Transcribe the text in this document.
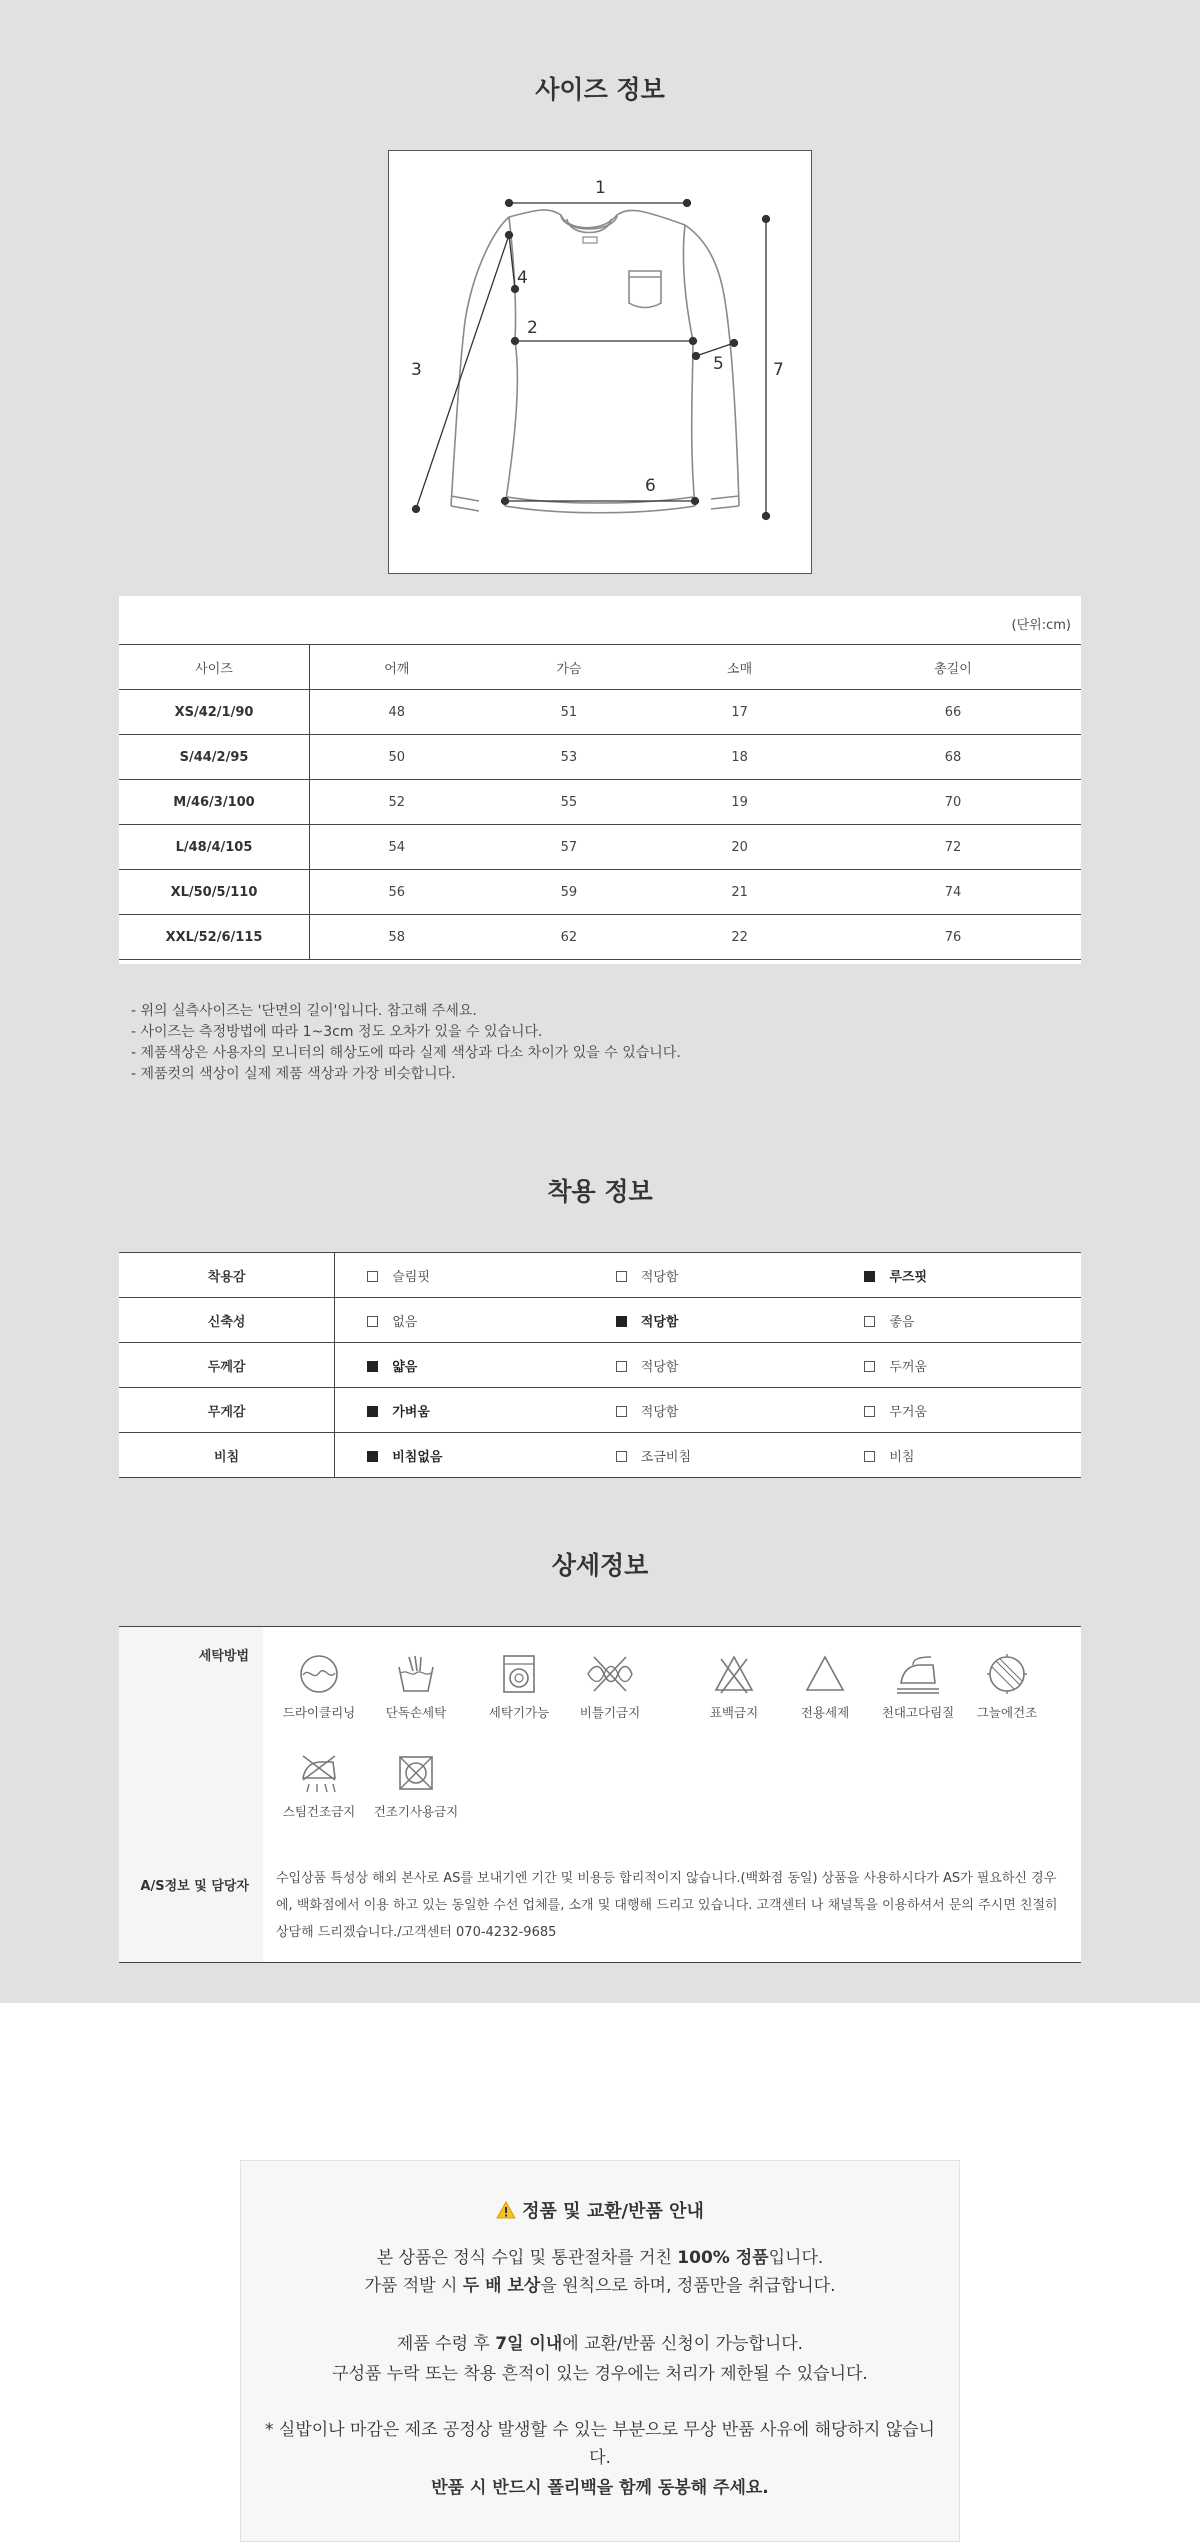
사이즈 정보
1
2
3
4
5
6
7
(단위:cm)
사이즈	어깨	가슴	소매	총길이
XS/42/1/90	48	51	17	66
S/44/2/95	50	53	18	68
M/46/3/100	52	55	19	70
L/48/4/105	54	57	20	72
XL/50/5/110	56	59	21	74
XXL/52/6/115	58	62	22	76
- 위의 실측사이즈는 '단면의 길이'입니다. 참고해 주세요.
- 사이즈는 측정방법에 따라 1~3cm 정도 오차가 있을 수 있습니다.
- 제품색상은 사용자의 모니터의 해상도에 따라 실제 색상과 다소 차이가 있을 수 있습니다.
- 제품컷의 색상이 실제 제품 색상과 가장 비슷합니다.
착용 정보
착용감	슬림핏	적당함	루즈핏
신축성	없음	적당함	좋음
두께감	얇음	적당함	두꺼움
무게감	가벼움	적당함	무거움
비침	비침없음	조금비침	비침
상세정보
세탁방법
A/S정보 및 담당자
드라이클리닝	단독손세탁	세탁기가능	비틀기금지	표백금지	전용세제	천대고다림질	그늘에건조
스팀건조금지	건조기사용금지
수입상품 특성상 해외 본사로 AS를 보내기엔 기간 및 비용등 합리적이지 않습니다.(백화점 동일) 상품을 사용하시다가 AS가 필요하신 경우에, 백화점에서 이용 하고 있는 동일한 수선 업체를, 소개 및 대행해 드리고 있습니다. 고객센터 나 채널톡을 이용하셔서 문의 주시면 친절히 상담해 드리겠습니다./고객센터 070-4232-9685
정품 및 교환/반품 안내
본 상품은 정식 수입 및 통관절차를 거친 100% 정품입니다.
가품 적발 시 두 배 보상을 원칙으로 하며, 정품만을 취급합니다.
제품 수령 후 7일 이내에 교환/반품 신청이 가능합니다.
구성품 누락 또는 착용 흔적이 있는 경우에는 처리가 제한될 수 있습니다.
* 실밥이나 마감은 제조 공정상 발생할 수 있는 부분으로 무상 반품 사유에 해당하지 않습니
다.
반품 시 반드시 폴리백을 함께 동봉해 주세요.
